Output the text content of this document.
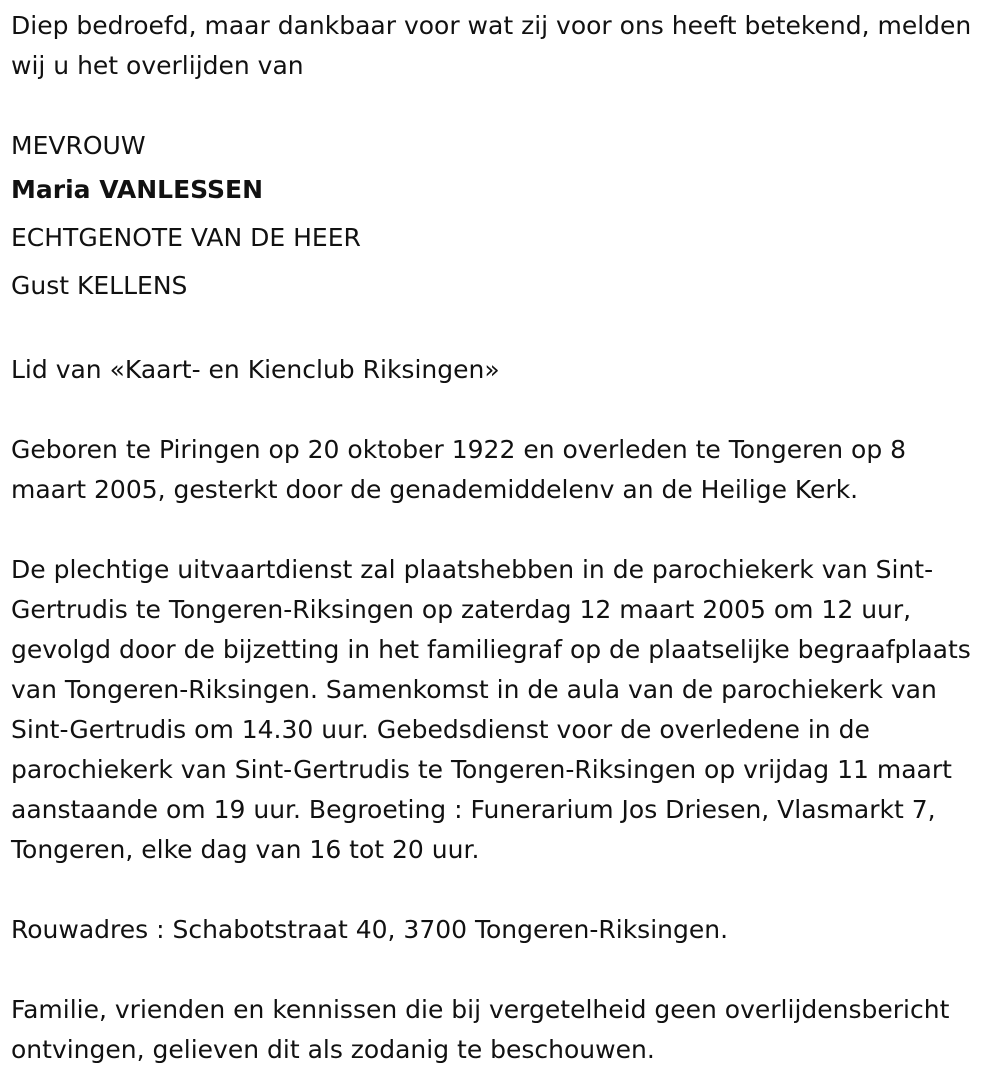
Diep bedroefd, maar dankbaar voor wat zij voor ons heeft betekend, melden wij u het overlijden van

MEVROUW

Maria VANLESSEN

ECHTGENOTE VAN DE HEER

Gust KELLENS

Lid van «Kaart- en Kienclub Riksingen»

Geboren te Piringen op 20 oktober 1922 en overleden te Tongeren op 8 maart 2005, gesterkt door de genademiddelenv an de Heilige Kerk.

De plechtige uitvaartdienst zal plaatshebben in de parochiekerk van Sint-Gertrudis te Tongeren-Riksingen op zaterdag 12 maart 2005 om 12 uur, gevolgd door de bijzetting in het familiegraf op de plaatselijke begraafplaats van Tongeren-Riksingen. Samenkomst in de aula van de parochiekerk van Sint-Gertrudis om 14.30 uur. Gebedsdienst voor de overledene in de parochiekerk van Sint-Gertrudis te Tongeren-Riksingen op vrijdag 11 maart aanstaande om 19 uur. Begroeting : Funerarium Jos Driesen, Vlasmarkt 7, Tongeren, elke dag van 16 tot 20 uur.

Rouwadres : Schabotstraat 40, 3700 Tongeren-Riksingen.

Familie, vrienden en kennissen die bij vergetelheid geen overlijdensbericht ontvingen, gelieven dit als zodanig te beschouwen.
